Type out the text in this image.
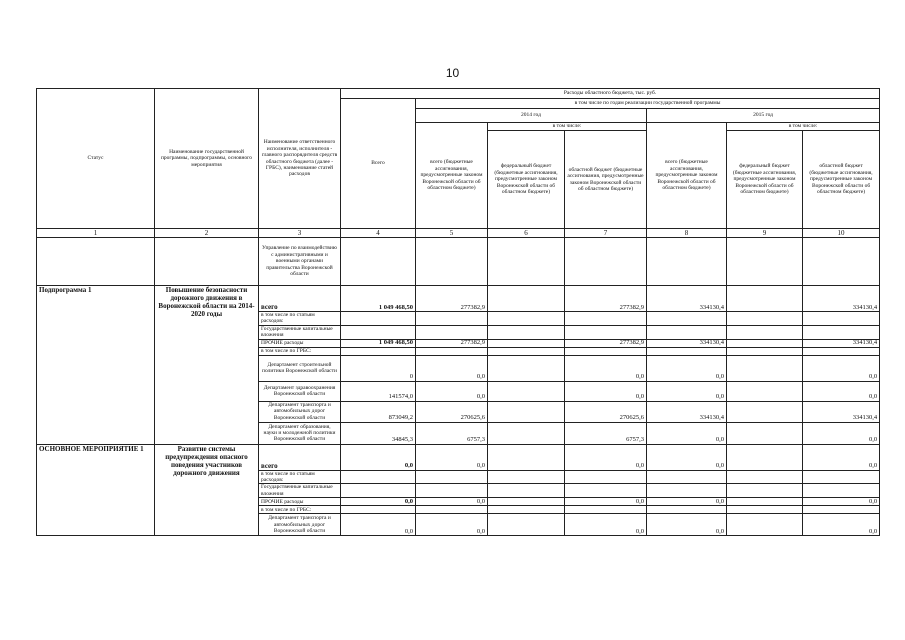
10
Статус	Наименование государственной программы, подпрограммы, основного мероприятия	Наименование ответственного исполнителя, исполнителя - главного распорядителя средств областного бюджета (далее - ГРБС), наименование статей расходов	Расходы областного бюджета, тыс. руб.						
			Всего	в том числе по годам реализации государственной программы					
				2014 год			2015 год		
				всего (бюджетные ассигнования, предусмотренные законом Воронежской области об областном бюджете)	в том числе:		всего (бюджетные ассигнования, предусмотренные законом Воронежской области об областном бюджете)	в том числе:	
					федеральный бюджет (бюджетные ассигнования, предусмотренные законом Воронежской области об областном бюджете)	областной бюджет (бюджетные ассигнования, предусмотренные законом Воронежской области об областном бюджете)		федеральный бюджет (бюджетные ассигнования, предусмотренные законом Воронежской области об областном бюджете)	областной бюджет (бюджетные ассигнования, предусмотренные законом Воронежской области об областном бюджете)
1	2	3	4	5	6	7	8	9	10
		Управление по взаимодействию с административными и военными органами правительства Воронежской области							
Подпрограмма 1	Повышение безопасности дорожного движения в Воронежской области на 2014-2020 годы	всего	1 049 468,50	277382,9		277382,9	334130,4		334130,4
		в том числе по статьям расходов:							
		Государственные капитальные вложения							
		ПРОЧИЕ расходы	1 049 468,50	277382,9		277382,9	334130,4		334130,4
		в том числе по ГРБС:							
		Департамент строительной политики Воронежской области	0	0,0		0,0	0,0		0,0
		Департамент здравоохранения Воронежской области	141574,0	0,0		0,0	0,0		0,0
		Департамент транспорта и автомобильных дорог Воронежской области	873049,2	270625,6		270625,6	334130,4		334130,4
		Департамент образования, науки и молодежной политики Воронежской области	34845,3	6757,3		6757,3	0,0		0,0
ОСНОВНОЕ МЕРОПРИЯТИЕ 1	Развитие системы предупреждения опасного поведения участников дорожного движения	всего	0,0	0,0		0,0	0,0		0,0
		в том числе по статьям расходов:							
		Государственные капитальные вложения							
		ПРОЧИЕ расходы	0,0	0,0		0,0	0,0		0,0
		в том числе по ГРБС:							
		Департамент транспорта и автомобильных дорог Воронежской области	0,0	0,0		0,0	0,0		0,0
